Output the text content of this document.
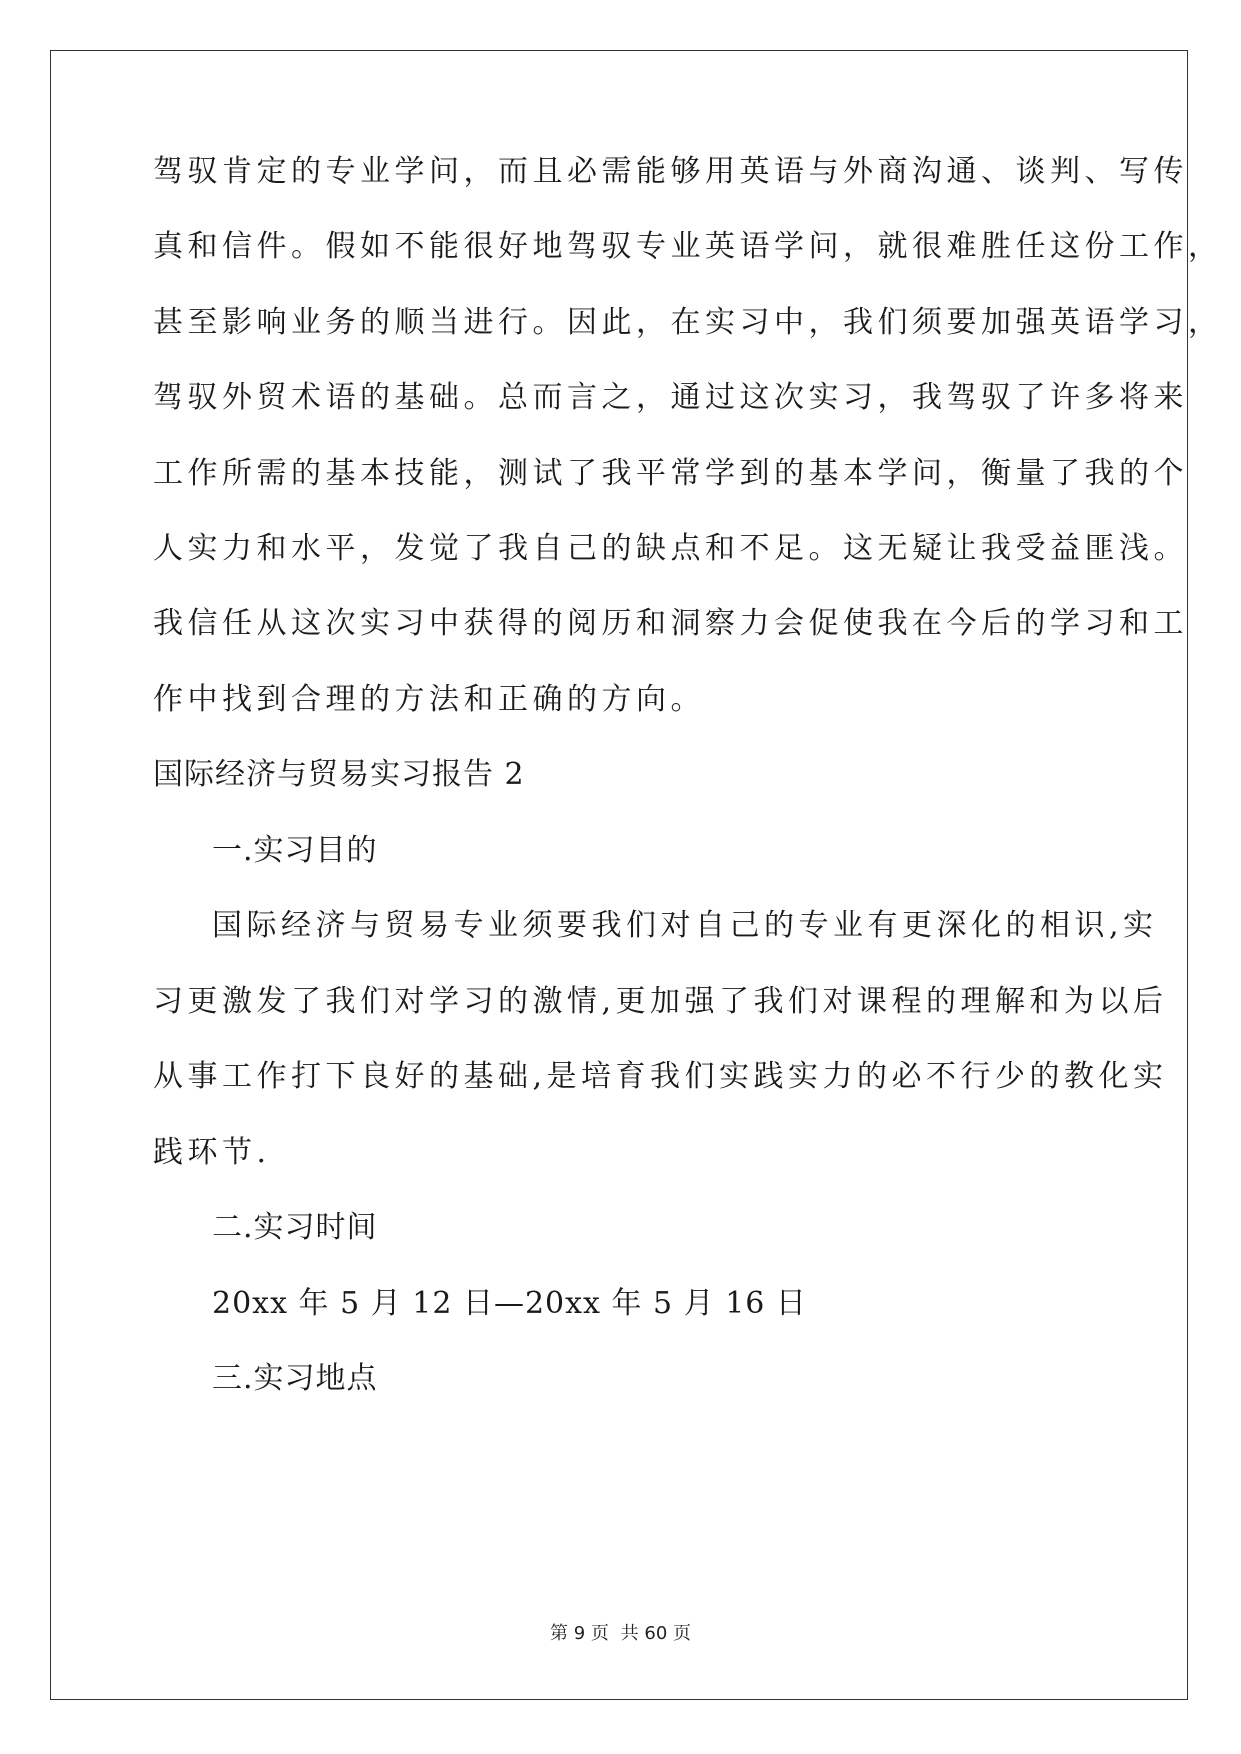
驾驭肯定的专业学问，而且必需能够用英语与外商沟通、谈判、写传
真和信件。假如不能很好地驾驭专业英语学问，就很难胜任这份工作，
甚至影响业务的顺当进行。因此，在实习中，我们须要加强英语学习，
驾驭外贸术语的基础。总而言之，通过这次实习，我驾驭了许多将来
工作所需的基本技能，测试了我平常学到的基本学问，衡量了我的个
人实力和水平，发觉了我自己的缺点和不足。这无疑让我受益匪浅。
我信任从这次实习中获得的阅历和洞察力会促使我在今后的学习和工
作中找到合理的方法和正确的方向。
国际经济与贸易实习报告 2
一.实习目的
国际经济与贸易专业须要我们对自己的专业有更深化的相识,实
习更激发了我们对学习的激情,更加强了我们对课程的理解和为以后
从事工作打下良好的基础,是培育我们实践实力的必不行少的教化实
践环节.
二.实习时间
20xx 年 5 月 12 日—20xx 年 5 月 16 日
三.实习地点
第 9 页 共 60 页
